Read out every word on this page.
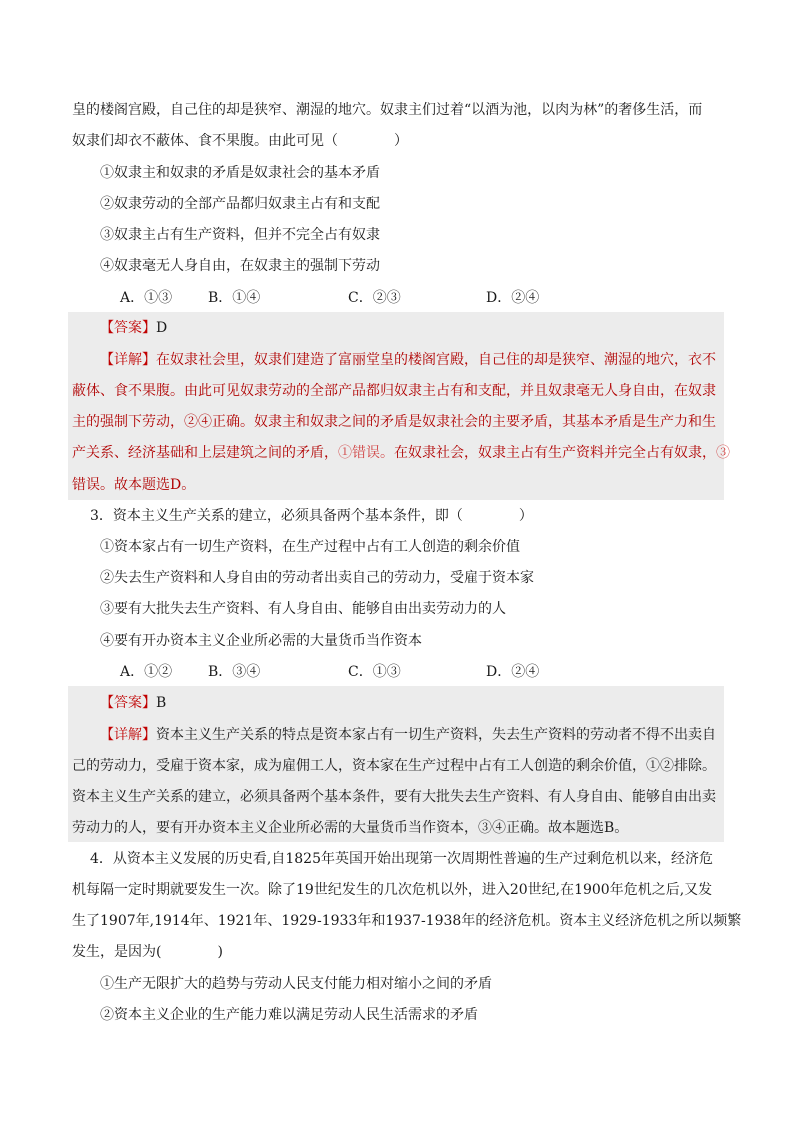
皇的楼阁宫殿，自己住的却是狭窄、潮湿的地穴。奴隶主们过着“以酒为池，以肉为林”的奢侈生活，而
奴隶们却衣不蔽体、食不果腹。由此可见（　　　　）
①奴隶主和奴隶的矛盾是奴隶社会的基本矛盾
②奴隶劳动的全部产品都归奴隶主占有和支配
③奴隶主占有生产资料，但并不完全占有奴隶
④奴隶毫无人身自由，在奴隶主的强制下劳动
A．①③	B．①④	C．②③	D．②④
【答案】D
【详解】在奴隶社会里，奴隶们建造了富丽堂皇的楼阁宫殿，自己住的却是狭窄、潮湿的地穴，衣不
蔽体、食不果腹。由此可见奴隶劳动的全部产品都归奴隶主占有和支配，并且奴隶毫无人身自由，在奴隶
主的强制下劳动，②④正确。奴隶主和奴隶之间的矛盾是奴隶社会的主要矛盾，其基本矛盾是生产力和生
产关系、经济基础和上层建筑之间的矛盾，①错误。在奴隶社会，奴隶主占有生产资料并完全占有奴隶，③
错误。故本题选D。
3．资本主义生产关系的建立，必须具备两个基本条件，即（　　　　）
①资本家占有一切生产资料，在生产过程中占有工人创造的剩余价值
②失去生产资料和人身自由的劳动者出卖自己的劳动力，受雇于资本家
③要有大批失去生产资料、有人身自由、能够自由出卖劳动力的人
④要有开办资本主义企业所必需的大量货币当作资本
A．①②	B．③④	C．①③	D．②④
【答案】B
【详解】资本主义生产关系的特点是资本家占有一切生产资料，失去生产资料的劳动者不得不出卖自
己的劳动力，受雇于资本家，成为雇佣工人，资本家在生产过程中占有工人创造的剩余价值，①②排除。
资本主义生产关系的建立，必须具备两个基本条件，要有大批失去生产资料、有人身自由、能够自由出卖
劳动力的人，要有开办资本主义企业所必需的大量货币当作资本，③④正确。故本题选B。
4．从资本主义发展的历史看,自1825年英国开始出现第一次周期性普遍的生产过剩危机以来，经济危
机每隔一定时期就要发生一次。除了19世纪发生的几次危机以外，进入20世纪,在1900年危机之后,又发
生了1907年,1914年、1921年、1929-1933年和1937-1938年的经济危机。资本主义经济危机之所以频繁
发生，是因为(　　　　)
①生产无限扩大的趋势与劳动人民支付能力相对缩小之间的矛盾
②资本主义企业的生产能力难以满足劳动人民生活需求的矛盾
